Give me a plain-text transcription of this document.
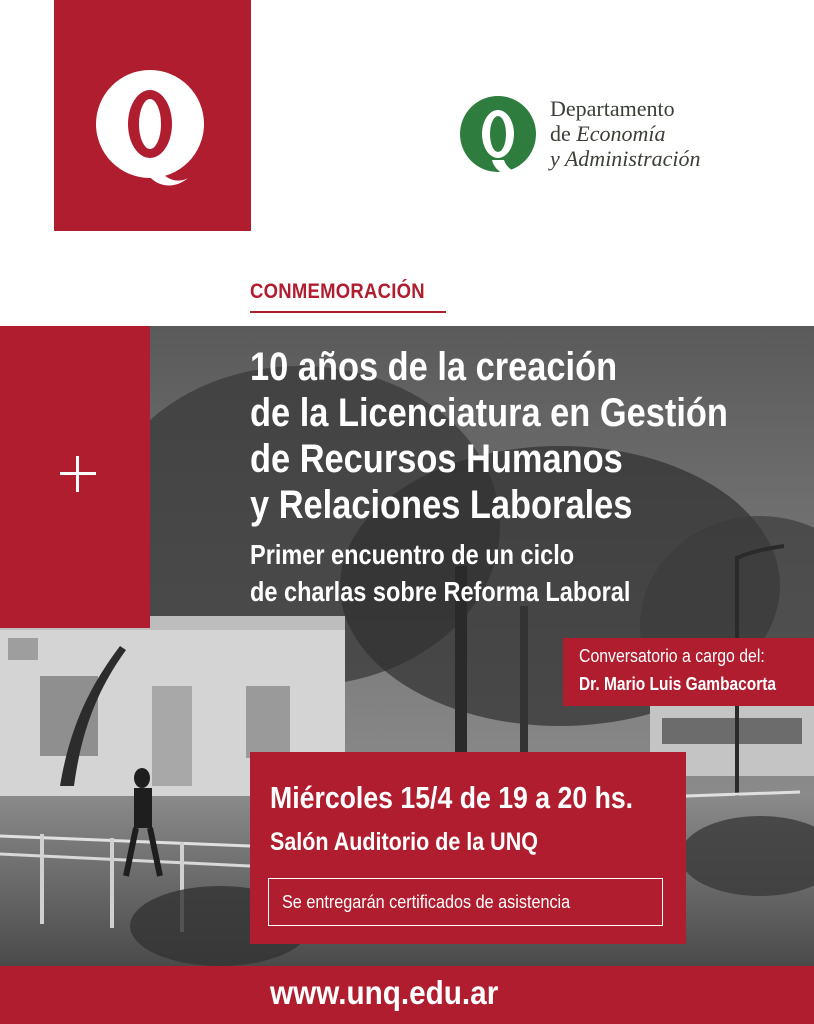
Departamento
de Economía
y Administración
CONMEMORACIÓN
10 años de la creación
de la Licenciatura en Gestión
de Recursos Humanos
y Relaciones Laborales
Primer encuentro de un ciclo
de charlas sobre Reforma Laboral
Conversatorio a cargo del:
Dr. Mario Luis Gambacorta
Miércoles 15/4 de 19 a 20 hs.
Salón Auditorio de la UNQ
Se entregarán certificados de asistencia
www.unq.edu.ar
